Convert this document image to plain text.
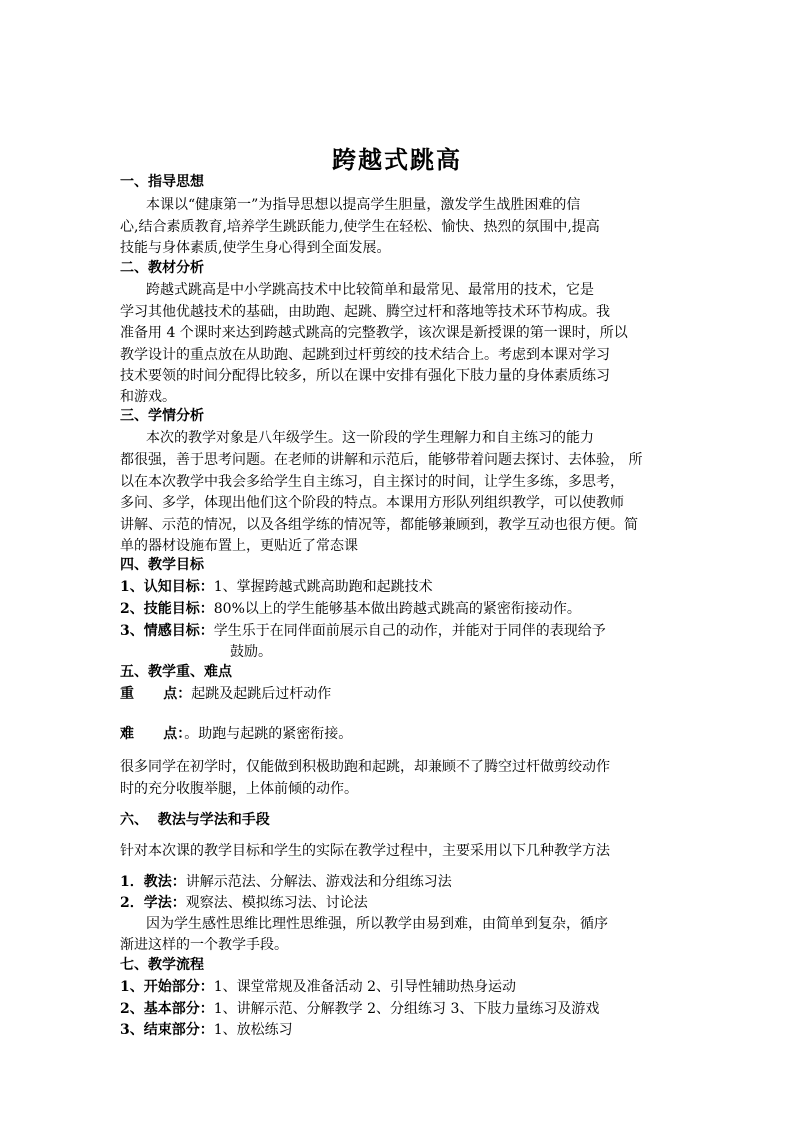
跨越式跳高
一、指导思想
本课以“健康第一”为指导思想以提高学生胆量，激发学生战胜困难的信
心,结合素质教育,培养学生跳跃能力,使学生在轻松、愉快、热烈的氛围中,提高
技能与身体素质,使学生身心得到全面发展。
二、教材分析
跨越式跳高是中小学跳高技术中比较简单和最常见、最常用的技术，它是
学习其他优越技术的基础，由助跑、起跳、腾空过杆和落地等技术环节构成。我
准备用 4 个课时来达到跨越式跳高的完整教学，该次课是新授课的第一课时，所以
教学设计的重点放在从助跑、起跳到过杆剪绞的技术结合上。考虑到本课对学习
技术要领的时间分配得比较多，所以在课中安排有强化下肢力量的身体素质练习
和游戏。
三、学情分析
本次的教学对象是八年级学生。这一阶段的学生理解力和自主练习的能力
都很强，善于思考问题。在老师的讲解和示范后，能够带着问题去探讨、去体验， 所
以在本次教学中我会多给学生自主练习，自主探讨的时间，让学生多练，多思考，
多问、多学，体现出他们这个阶段的特点。本课用方形队列组织教学，可以使教师
讲解、示范的情况，以及各组学练的情况等，都能够兼顾到，教学互动也很方便。简
单的器材设施布置上，更贴近了常态课
四、教学目标
1、认知目标：1、掌握跨越式跳高助跑和起跳技术
2、技能目标：80%以上的学生能够基本做出跨越式跳高的紧密衔接动作。
3、情感目标：学生乐于在同伴面前展示自己的动作，并能对于同伴的表现给予
鼓励。
五、教学重、难点
重      点：起跳及起跳后过杆动作
难      点：。助跑与起跳的紧密衔接。
很多同学在初学时，仅能做到积极助跑和起跳，却兼顾不了腾空过杆做剪绞动作
时的充分收腹举腿，上体前倾的动作。
六、  教法与学法和手段
针对本次课的教学目标和学生的实际在教学过程中，主要采用以下几种教学方法
1．教法：讲解示范法、分解法、游戏法和分组练习法
2．学法：观察法、模拟练习法、讨论法
因为学生感性思维比理性思维强，所以教学由易到难，由简单到复杂，循序
渐进这样的一个教学手段。
七、教学流程
1、开始部分：1、课堂常规及准备活动 2、引导性辅助热身运动
2、基本部分：1、讲解示范、分解教学 2、分组练习 3、下肢力量练习及游戏
3、结束部分：1、放松练习
